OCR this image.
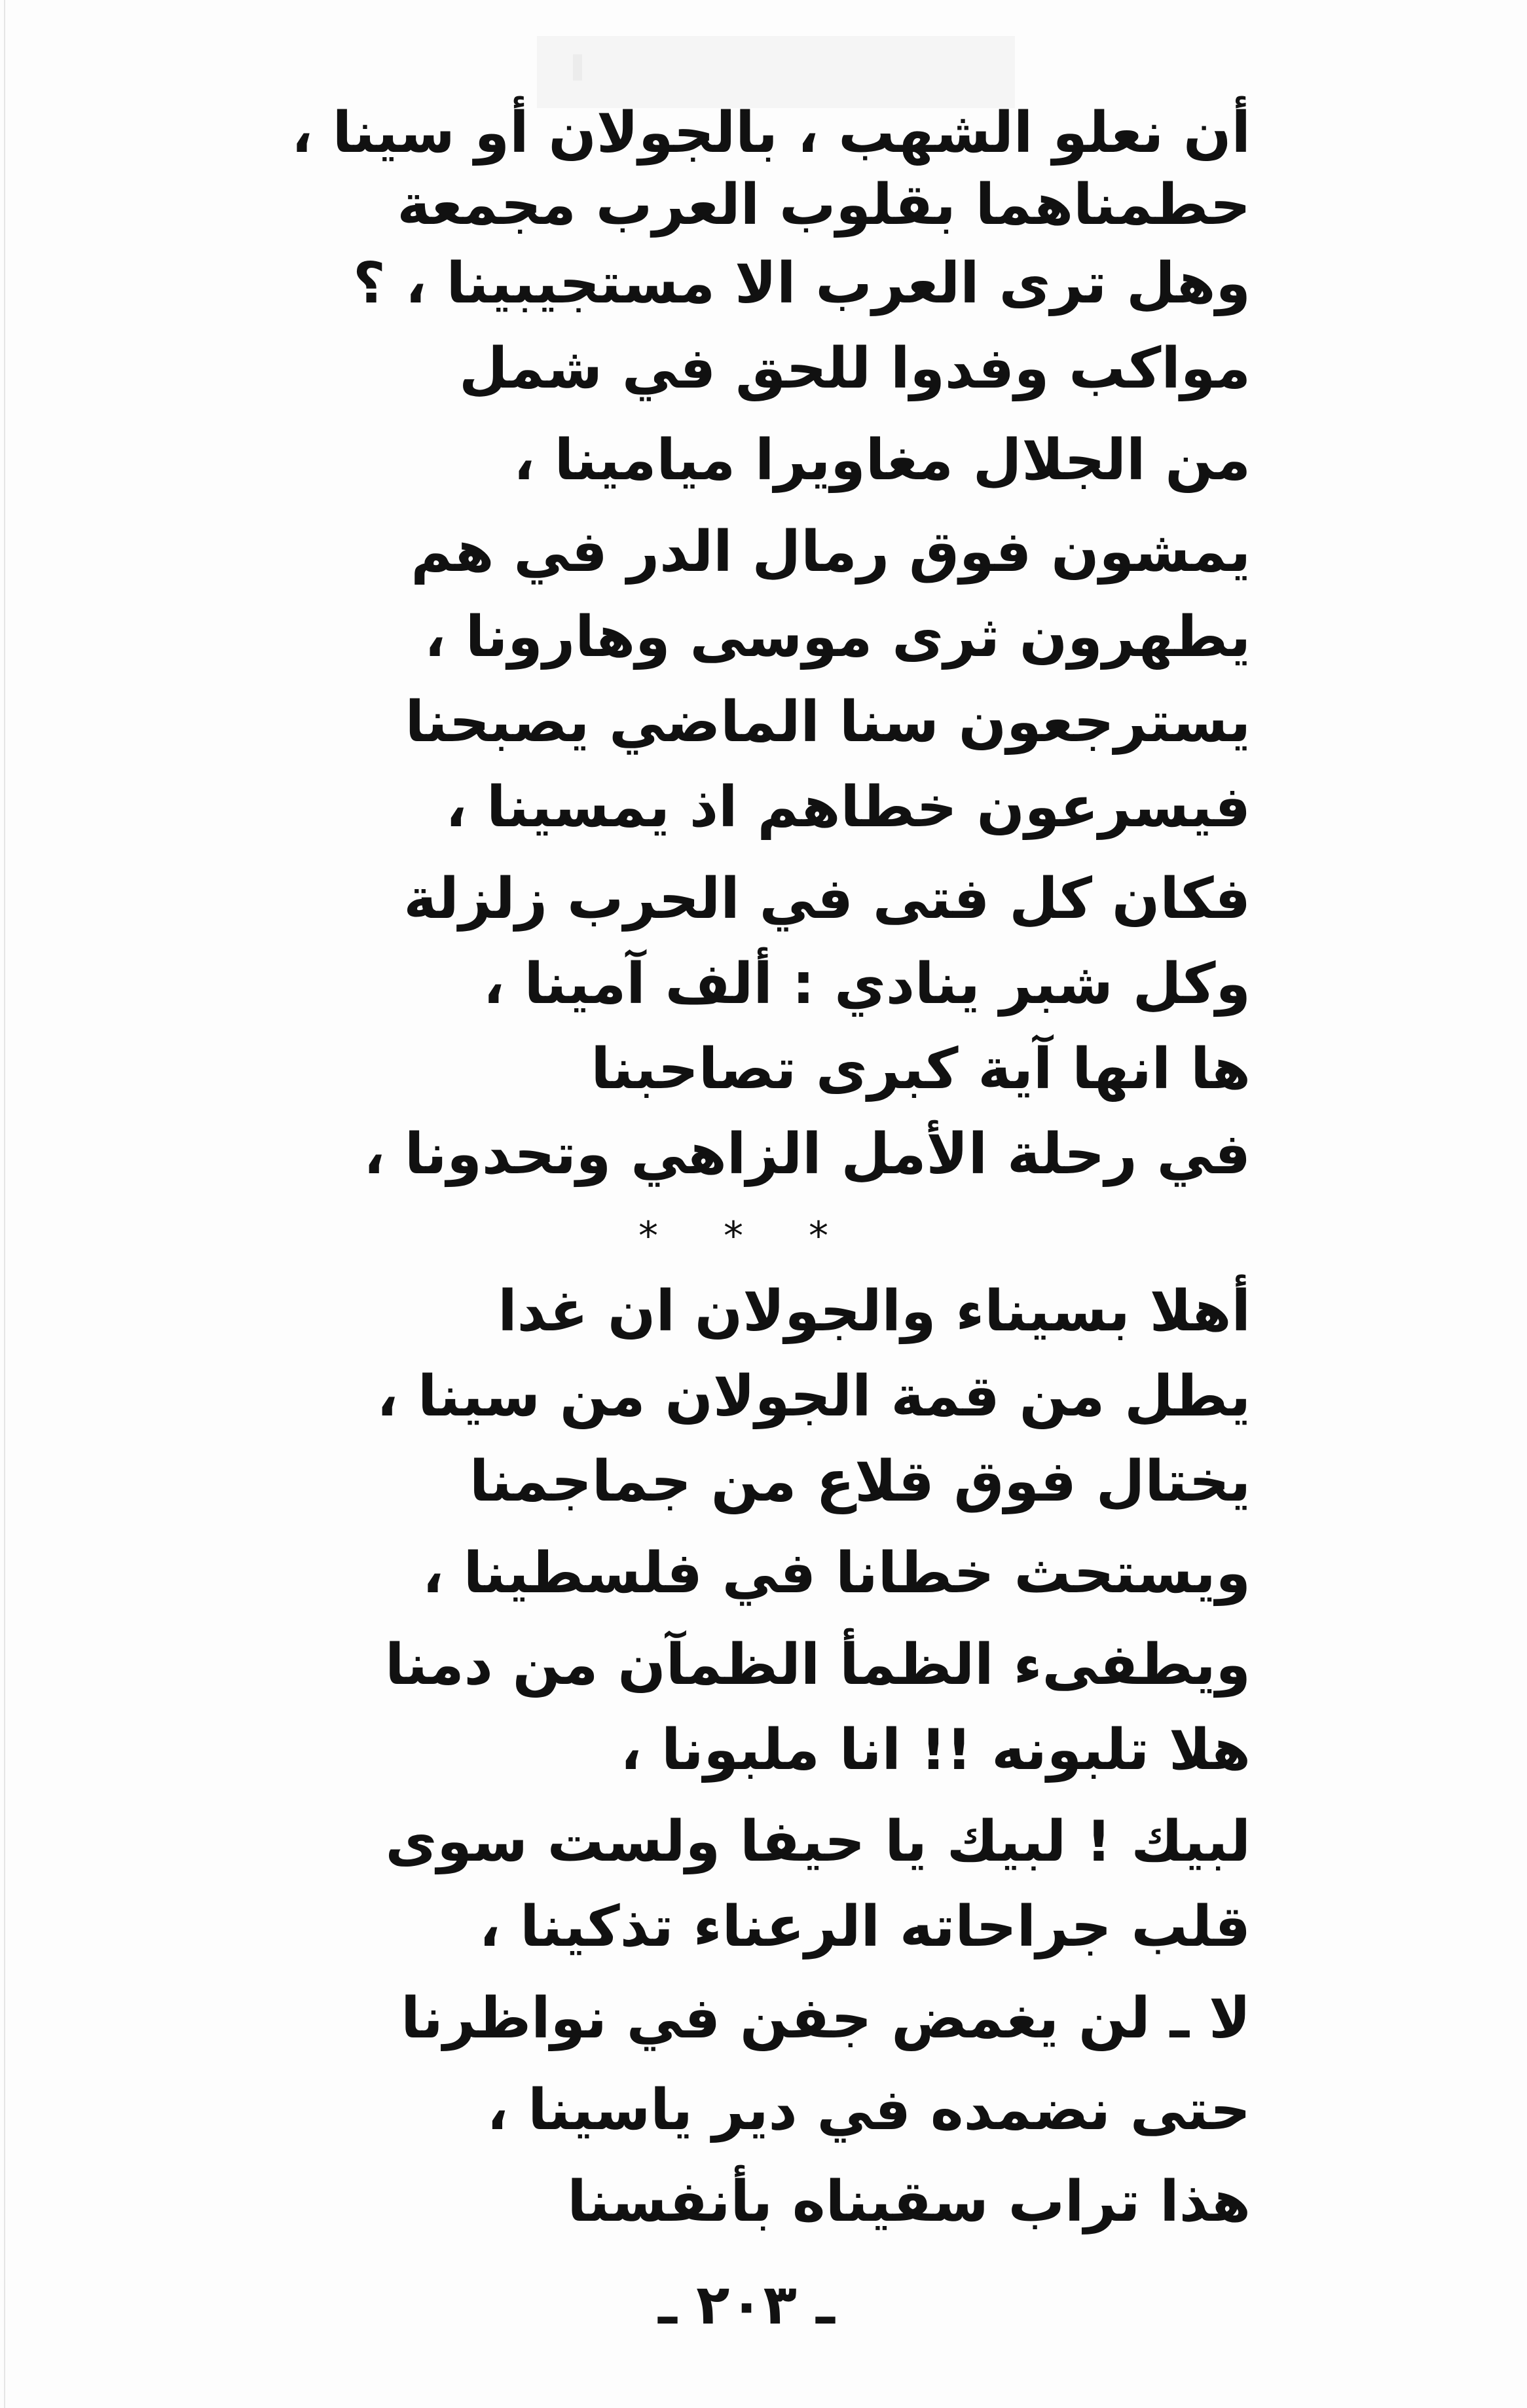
أن نعلو الشهب ، بالجولان أو سينا ،
حطمناهما بقلوب العرب مجمعة
وهل ترى العرب الا مستجيبينا ، ؟
مواكب وفدوا للحق في شمل
من الجلال مغاويرا ميامينا ،
يمشون فوق رمال الدر في هم
يطهرون ثرى موسى وهارونا ،
يسترجعون سنا الماضي يصبحنا
فيسرعون خطاهم اذ يمسينا ،
فكان كل فتى في الحرب زلزلة
وكل شبر ينادي : ألف آمينا ،
ها انها آية كبرى تصاحبنا
في رحلة الأمل الزاهي وتحدونا ،
أهلا بسيناء والجولان ان غدا
يطل من قمة الجولان من سينا ،
يختال فوق قلاع من جماجمنا
ويستحث خطانا في فلسطينا ،
ويطفىء الظمأ الظمآن من دمنا
هلا تلبونه !! انا ملبونا ،
لبيك ! لبيك يا حيفا ولست سوى
قلب جراحاته الرعناء تذكينا ،
لا ـ لن يغمض جفن في نواظرنا
حتى نضمده في دير ياسينا ،
هذا تراب سقيناه بأنفسنا
* * *
ـ ٢٠٣ ـ
